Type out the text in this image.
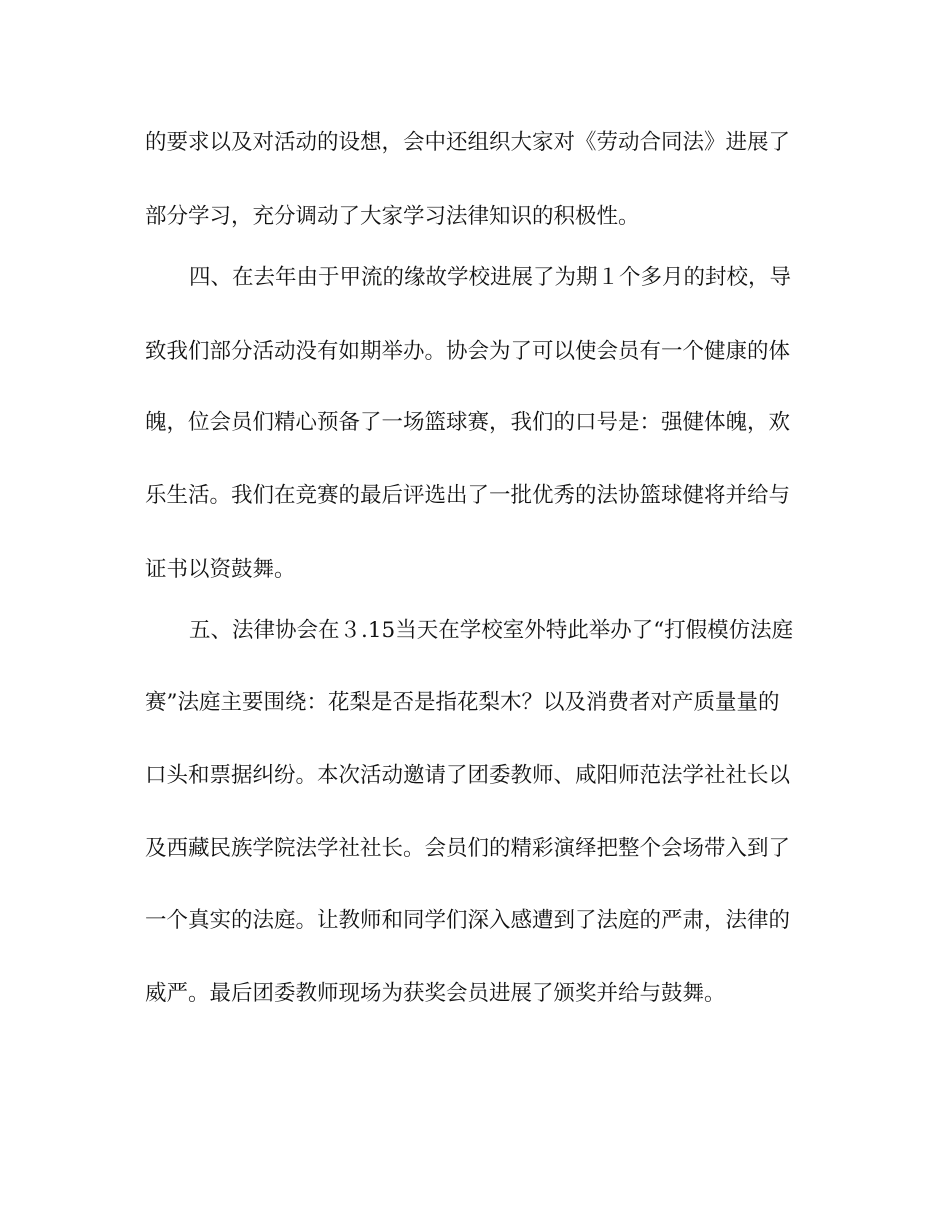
的要求以及对活动的设想，会中还组织大家对《劳动合同法》进展了
部分学习，充分调动了大家学习法律知识的积极性。
四、在去年由于甲流的缘故学校进展了为期１个多月的封校，导
致我们部分活动没有如期举办。协会为了可以使会员有一个健康的体
魄，位会员们精心预备了一场篮球赛，我们的口号是：强健体魄，欢
乐生活。我们在竞赛的最后评选出了一批优秀的法协篮球健将并给与
证书以资鼓舞。
五、法律协会在３.15当天在学校室外特此举办了“打假模仿法庭
赛”法庭主要围绕：花梨是否是指花梨木？以及消费者对产质量量的
口头和票据纠纷。本次活动邀请了团委教师、咸阳师范法学社社长以
及西藏民族学院法学社社长。会员们的精彩演绎把整个会场带入到了
一个真实的法庭。让教师和同学们深入感遭到了法庭的严肃，法律的
威严。最后团委教师现场为获奖会员进展了颁奖并给与鼓舞。
